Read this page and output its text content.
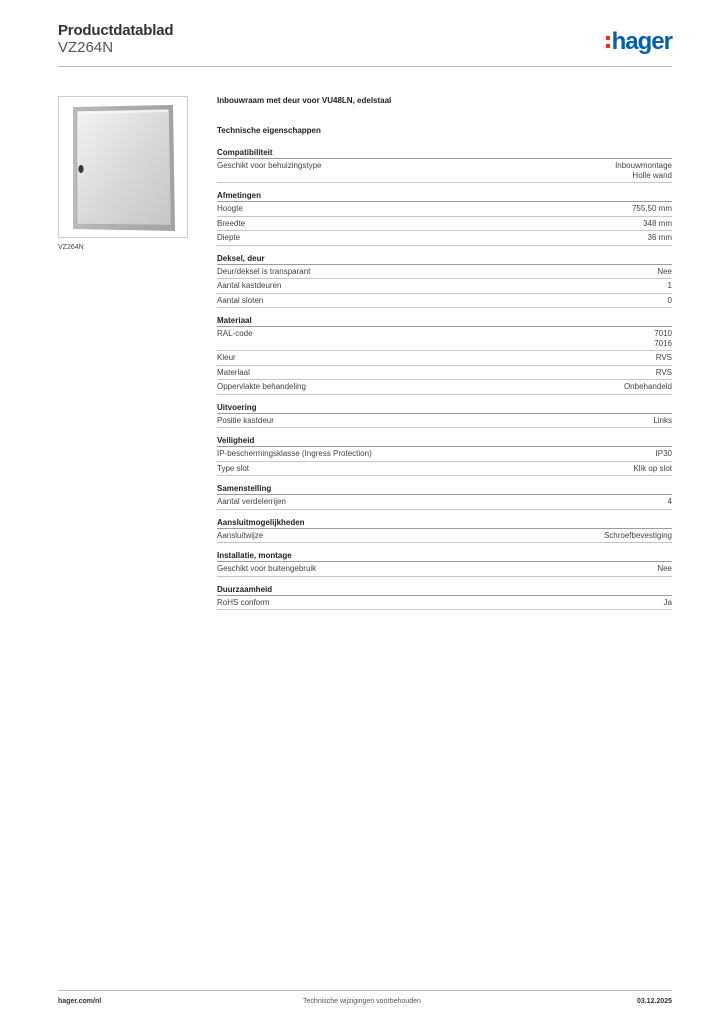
Productdatablad
VZ264N	hager
VZ264N
Inbouwraam met deur voor VU48LN, edelstaal
Technische eigenschappen
Compatibiliteit
Geschikt voor behuizingstype	Inbouwmontage
Holle wand
Afmetingen
Hoogte	755,50 mm
Breedte	348 mm
Diepte	36 mm
Deksel, deur
Deur/deksel is transparant	Nee
Aantal kastdeuren	1
Aantal sloten	0
Materiaal
RAL-code	7010
7016
Kleur	RVS
Materiaal	RVS
Oppervlakte behandeling	Onbehandeld
Uitvoering
Positie kastdeur	Links
Veiligheid
IP-beschermingsklasse (Ingress Protection)	IP30
Type slot	Klik op slot
Samenstelling
Aantal verdelerrijen	4
Aansluitmogelijkheden
Aansluitwijze	Schroefbevestiging
Installatie, montage
Geschikt voor buitengebruik	Nee
Duurzaamheid
RoHS conform	Ja
hager.com/nl	Technische wijzigingen voorbehouden	03.12.2025
